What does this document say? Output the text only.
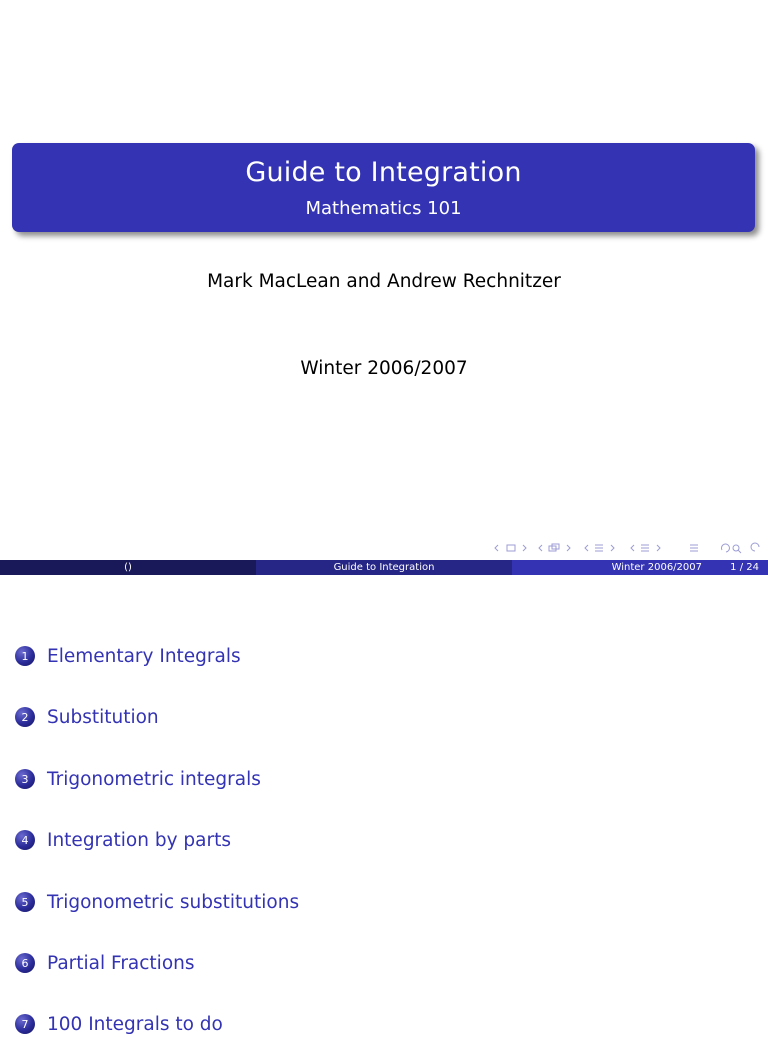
Guide to Integration
Mathematics 101
Mark MacLean and Andrew Rechnitzer
Winter 2006/2007
()	Guide to Integration	Winter 2006/2007	1 / 24
1	Elementary Integrals
2	Substitution
3	Trigonometric integrals
4	Integration by parts
5	Trigonometric substitutions
6	Partial Fractions
7	100 Integrals to do
